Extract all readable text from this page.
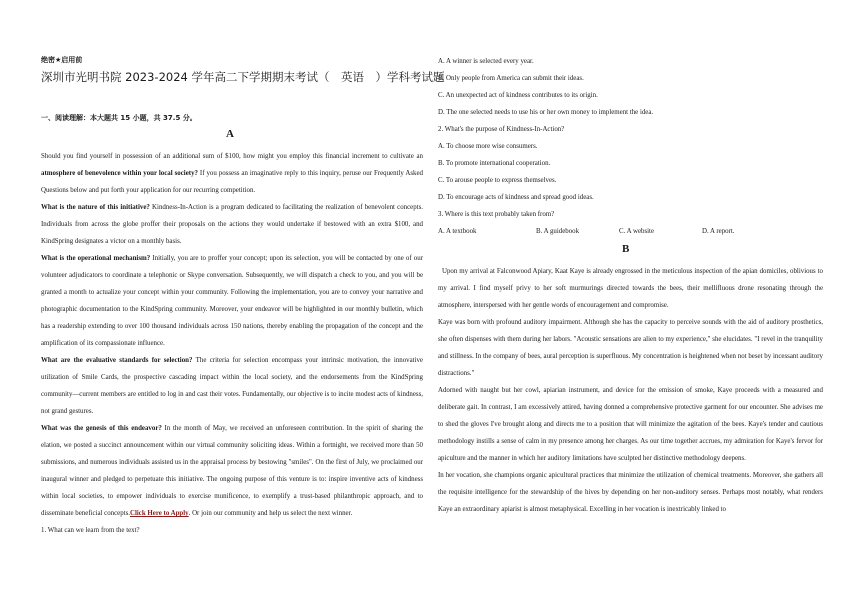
绝密★启用前
深圳市光明书院 2023-2024 学年高二下学期期末考试（　英语　）学科考试题
一、阅读理解：本大题共 15 小题，共 37.5 分。
A

Should you find yourself in possession of an additional sum of $100, how might you employ this financial increment to cultivate an atmosphere of benevolence within your local society? If you possess an imaginative reply to this inquiry, peruse our Frequently Asked Questions below and put forth your application for our recurring competition.

What is the nature of this initiative? Kindness-In-Action is a program dedicated to facilitating the realization of benevolent concepts. Individuals from across the globe proffer their proposals on the actions they would undertake if bestowed with an extra $100, and KindSpring designates a victor on a monthly basis.

What is the operational mechanism? Initially, you are to proffer your concept; upon its selection, you will be contacted by one of our volunteer adjudicators to coordinate a telephonic or Skype conversation. Subsequently, we will dispatch a check to you, and you will be granted a month to actualize your concept within your community. Following the implementation, you are to convey your narrative and photographic documentation to the KindSpring community. Moreover, your endeavor will be highlighted in our monthly bulletin, which has a readership extending to over 100 thousand individuals across 150 nations, thereby enabling the propagation of the concept and the amplification of its compassionate influence.

What are the evaluative standards for selection? The criteria for selection encompass your intrinsic motivation, the innovative utilization of Smile Cards, the prospective cascading impact within the local society, and the endorsements from the KindSpring community—current members are entitled to log in and cast their votes. Fundamentally, our objective is to incite modest acts of kindness, not grand gestures.

What was the genesis of this endeavor? In the month of May, we received an unforeseen contribution. In the spirit of sharing the elation, we posted a succinct announcement within our virtual community soliciting ideas. Within a fortnight, we received more than 50 submissions, and numerous individuals assisted us in the appraisal process by bestowing "smiles". On the first of July, we proclaimed our inaugural winner and pledged to perpetuate this initiative. The ongoing purpose of this venture is to: inspire inventive acts of kindness within local societies, to empower individuals to exercise munificence, to exemplify a trust-based philanthropic approach, and to disseminate beneficial concepts.Click Here to Apply. Or join our community and help us select the next winner.

1. What can we learn from the text?

A. A winner is selected every year.

B. Only people from America can submit their ideas.

C. An unexpected act of kindness contributes to its origin.

D. The one selected needs to use his or her own money to implement the idea.

2. What's the purpose of Kindness-In-Action?

A. To choose more wise consumers.

B. To promote international cooperation.

C. To arouse people to express themselves.

D. To encourage acts of kindness and spread good ideas.

3. Where is this text probably taken from?

A. A textbook	B. A guidebook	C. A website	D. A report.
B

Upon my arrival at Falconwood Apiary, Kaat Kaye is already engrossed in the meticulous inspection of the apian domiciles, oblivious to my arrival. I find myself privy to her soft murmurings directed towards the bees, their mellifluous drone resonating through the atmosphere, interspersed with her gentle words of encouragement and compromise.

Kaye was born with profound auditory impairment. Although she has the capacity to perceive sounds with the aid of auditory prosthetics, she often dispenses with them during her labors. "Acoustic sensations are alien to my experience," she elucidates. "I revel in the tranquility and stillness. In the company of bees, aural perception is superfluous. My concentration is heightened when not beset by incessant auditory distractions."

Adorned with naught but her cowl, apiarian instrument, and device for the emission of smoke, Kaye proceeds with a measured and deliberate gait. In contrast, I am excessively attired, having donned a comprehensive protective garment for our encounter. She advises me to shed the gloves I've brought along and directs me to a position that will minimize the agitation of the bees. Kaye's tender and cautious methodology instills a sense of calm in my presence among her charges. As our time together accrues, my admiration for Kaye's fervor for apiculture and the manner in which her auditory limitations have sculpted her distinctive methodology deepens.

In her vocation, she champions organic apicultural practices that minimize the utilization of chemical treatments. Moreover, she gathers all the requisite intelligence for the stewardship of the hives by depending on her non-auditory senses. Perhaps most notably, what renders Kaye an extraordinary apiarist is almost metaphysical. Excelling in her vocation is inextricably linked to
